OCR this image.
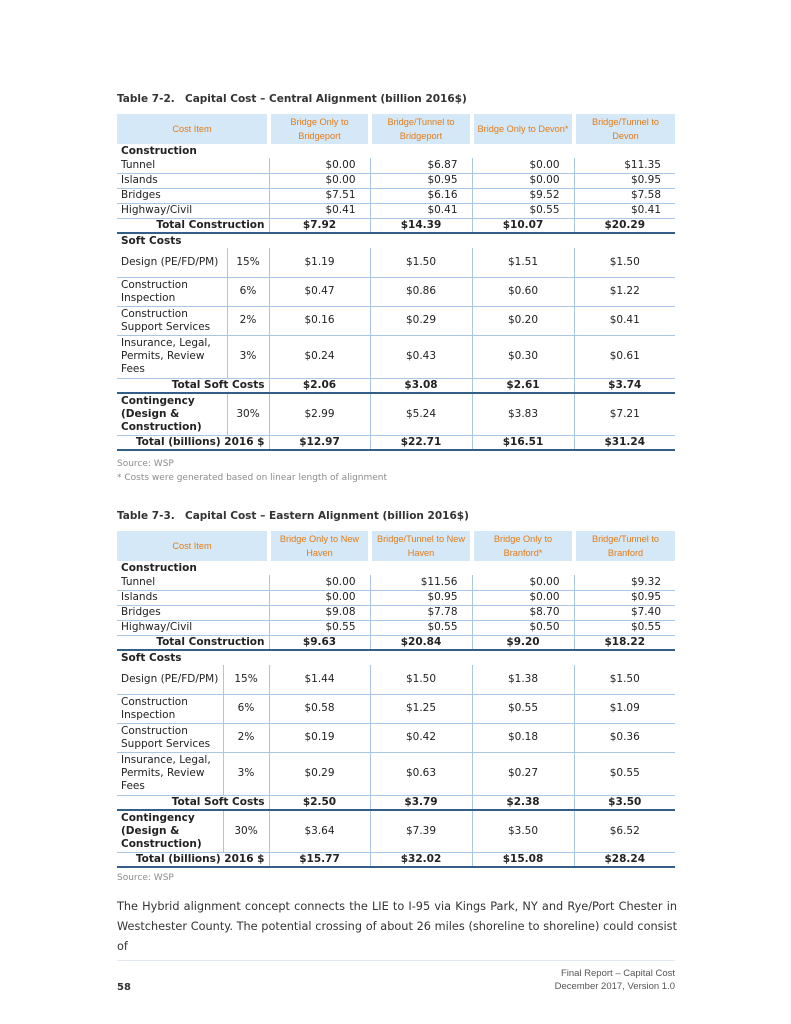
Table 7-2. Capital Cost – Central Alignment (billion 2016$)
Cost Item		Bridge Only to Bridgeport	Bridge/Tunnel to Bridgeport	Bridge Only to Devon*	Bridge/Tunnel to Devon
Construction					
Tunnel		$0.00	$6.87	$0.00	$11.35
Islands		$0.00	$0.95	$0.00	$0.95
Bridges		$7.51	$6.16	$9.52	$7.58
Highway/Civil		$0.41	$0.41	$0.55	$0.41
Total Construction		$7.92	$14.39	$10.07	$20.29
Soft Costs					
Design (PE/FD/PM)	15%	$1.19	$1.50	$1.51	$1.50
Construction Inspection	6%	$0.47	$0.86	$0.60	$1.22
Construction Support Services	2%	$0.16	$0.29	$0.20	$0.41
Insurance, Legal, Permits, Review Fees	3%	$0.24	$0.43	$0.30	$0.61
Total Soft Costs		$2.06	$3.08	$2.61	$3.74
Contingency (Design & Construction)	30%	$2.99	$5.24	$3.83	$7.21
Total (billions) 2016 $		$12.97	$22.71	$16.51	$31.24
Source: WSP
* Costs were generated based on linear length of alignment
Table 7-3. Capital Cost – Eastern Alignment (billion 2016$)
Cost Item		Bridge Only to New Haven	Bridge/Tunnel to New Haven	Bridge Only to Branford*	Bridge/Tunnel to Branford
Construction					
Tunnel		$0.00	$11.56	$0.00	$9.32
Islands		$0.00	$0.95	$0.00	$0.95
Bridges		$9.08	$7.78	$8.70	$7.40
Highway/Civil		$0.55	$0.55	$0.50	$0.55
Total Construction		$9.63	$20.84	$9.20	$18.22
Soft Costs					
Design (PE/FD/PM)	15%	$1.44	$1.50	$1.38	$1.50
Construction Inspection	6%	$0.58	$1.25	$0.55	$1.09
Construction Support Services	2%	$0.19	$0.42	$0.18	$0.36
Insurance, Legal, Permits, Review Fees	3%	$0.29	$0.63	$0.27	$0.55
Total Soft Costs		$2.50	$3.79	$2.38	$3.50
Contingency (Design & Construction)	30%	$3.64	$7.39	$3.50	$6.52
Total (billions) 2016 $		$15.77	$32.02	$15.08	$28.24
Source: WSP
The Hybrid alignment concept connects the LIE to I-95 via Kings Park, NY and Rye/Port Chester in Westchester County. The potential crossing of about 26 miles (shoreline to shoreline) could consist of
58
Final Report – Capital Cost
December 2017, Version 1.0
